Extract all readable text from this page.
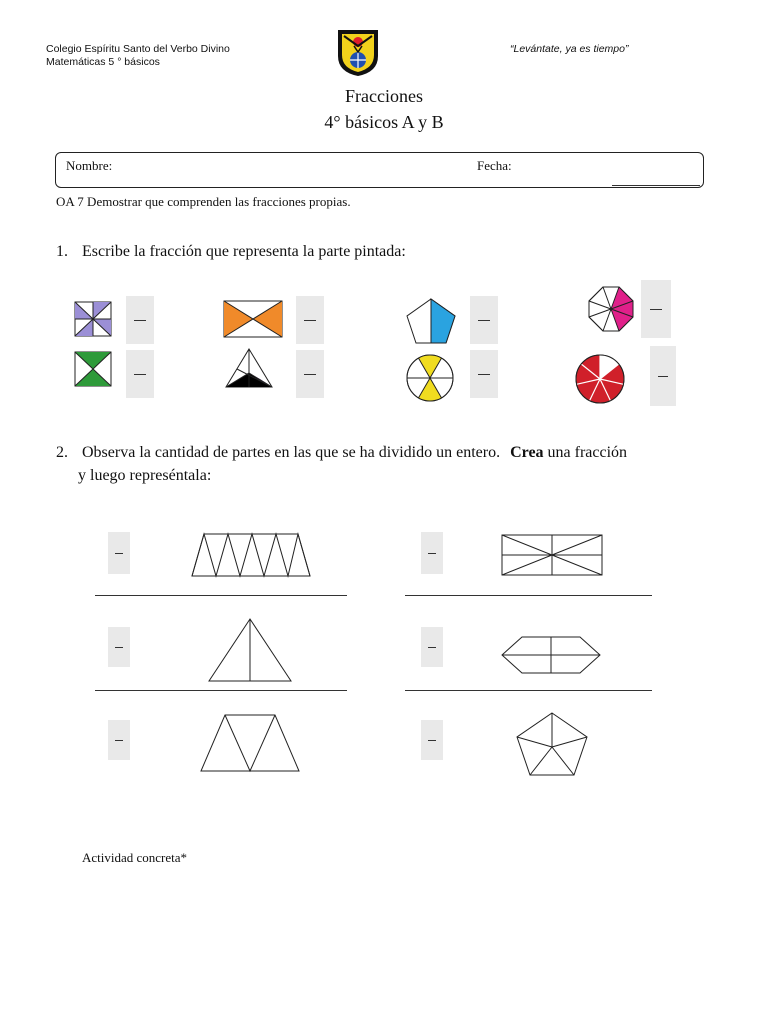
Colegio Espíritu Santo del Verbo Divino
Matemáticas 5 ° básicos
“Levántate, ya es tiempo”
Fracciones
4° básicos A y B
Nombre:	Fecha:
OA 7 Demostrar que comprenden las fracciones propias.
1. Escribe la fracción que representa la parte pintada:
2. Observa la cantidad de partes en las que se ha dividido un entero. Crea una fracción
y luego represéntala:
Actividad concreta*
